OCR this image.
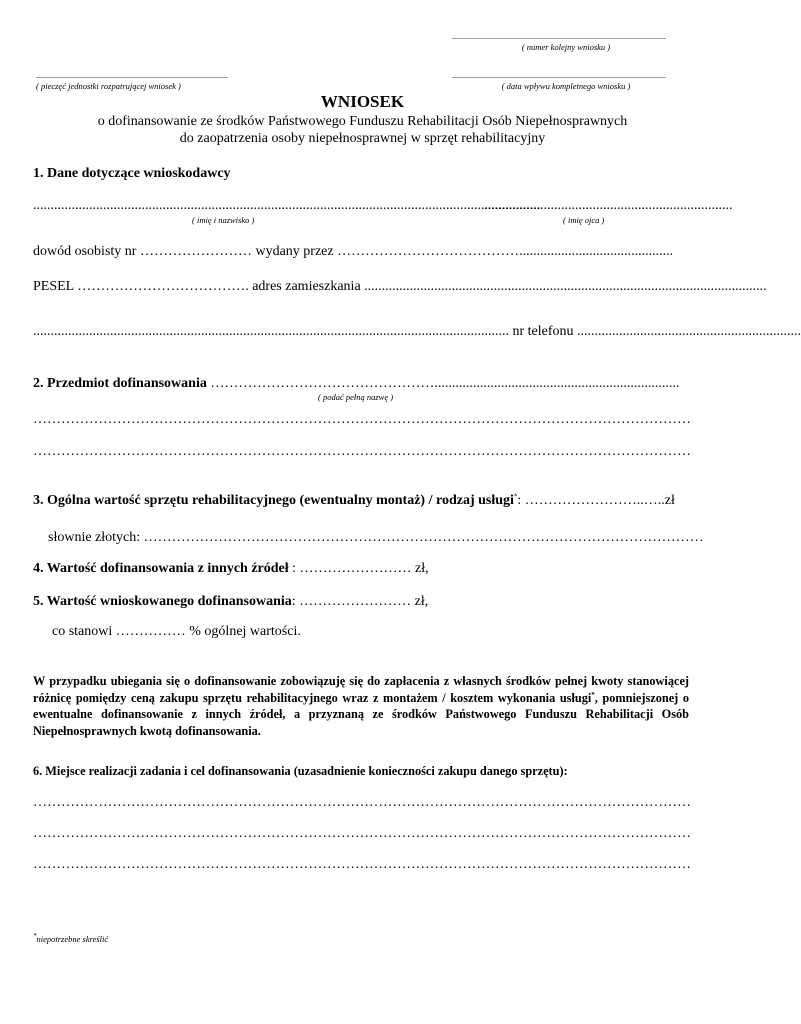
...........................................................................................................
( numer kolejny wniosku )
................................................................................................
( pieczęć jednostki rozpatrującej wniosek )
...........................................................................................................
( data wpływu kompletnego wniosku )
WNIOSEK
o dofinansowanie ze środków Państwowego Funduszu Rehabilitacji Osób Niepełnosprawnych
do zaopatrzenia osoby niepełnosprawnej w sprzęt rehabilitacyjny
1. Dane dotyczące wnioskodawcy
.................................................................................................................................................
.......................................................................
( imię i nazwisko )	( imię ojca )
dowód osobisty nr …………………… wydany przez …………………………………............................................
PESEL ………………………………. adres zamieszkania ...................................................................................................................
........................................................................................................................................ nr telefonu ................................................................
2. Przedmiot dofinansowania …………………………………………......................................................................
( podać pełną nazwę )
……………………………………………………………………………………………………………………………
……………………………………………………………………………………………………………………………
3. Ogólna wartość sprzętu rehabilitacyjnego (ewentualny montaż) / rodzaj usługi*: ……………………..…..zł
słownie złotych: …………………………………………………………………………………………………………
4. Wartość dofinansowania z innych źródeł : …………………… zł,
5. Wartość wnioskowanego dofinansowania: …………………… zł,
co stanowi …………… % ogólnej wartości.
W przypadku ubiegania się o dofinansowanie zobowiązuję się do zapłacenia z własnych środków pełnej kwoty stanowiącej różnicę pomiędzy ceną zakupu sprzętu rehabilitacyjnego wraz z montażem / kosztem wykonania usługi*, pomniejszonej o ewentualne dofinansowanie z innych źródeł, a przyznaną ze środków Państwowego Funduszu Rehabilitacji Osób Niepełnosprawnych kwotą dofinansowania.
6. Miejsce realizacji zadania i cel dofinansowania (uzasadnienie konieczności zakupu danego sprzętu):
……………………………………………………………………………………………………………………………
……………………………………………………………………………………………………………………………
……………………………………………………………………………………………………………………………
*niepotrzebne skreślić
